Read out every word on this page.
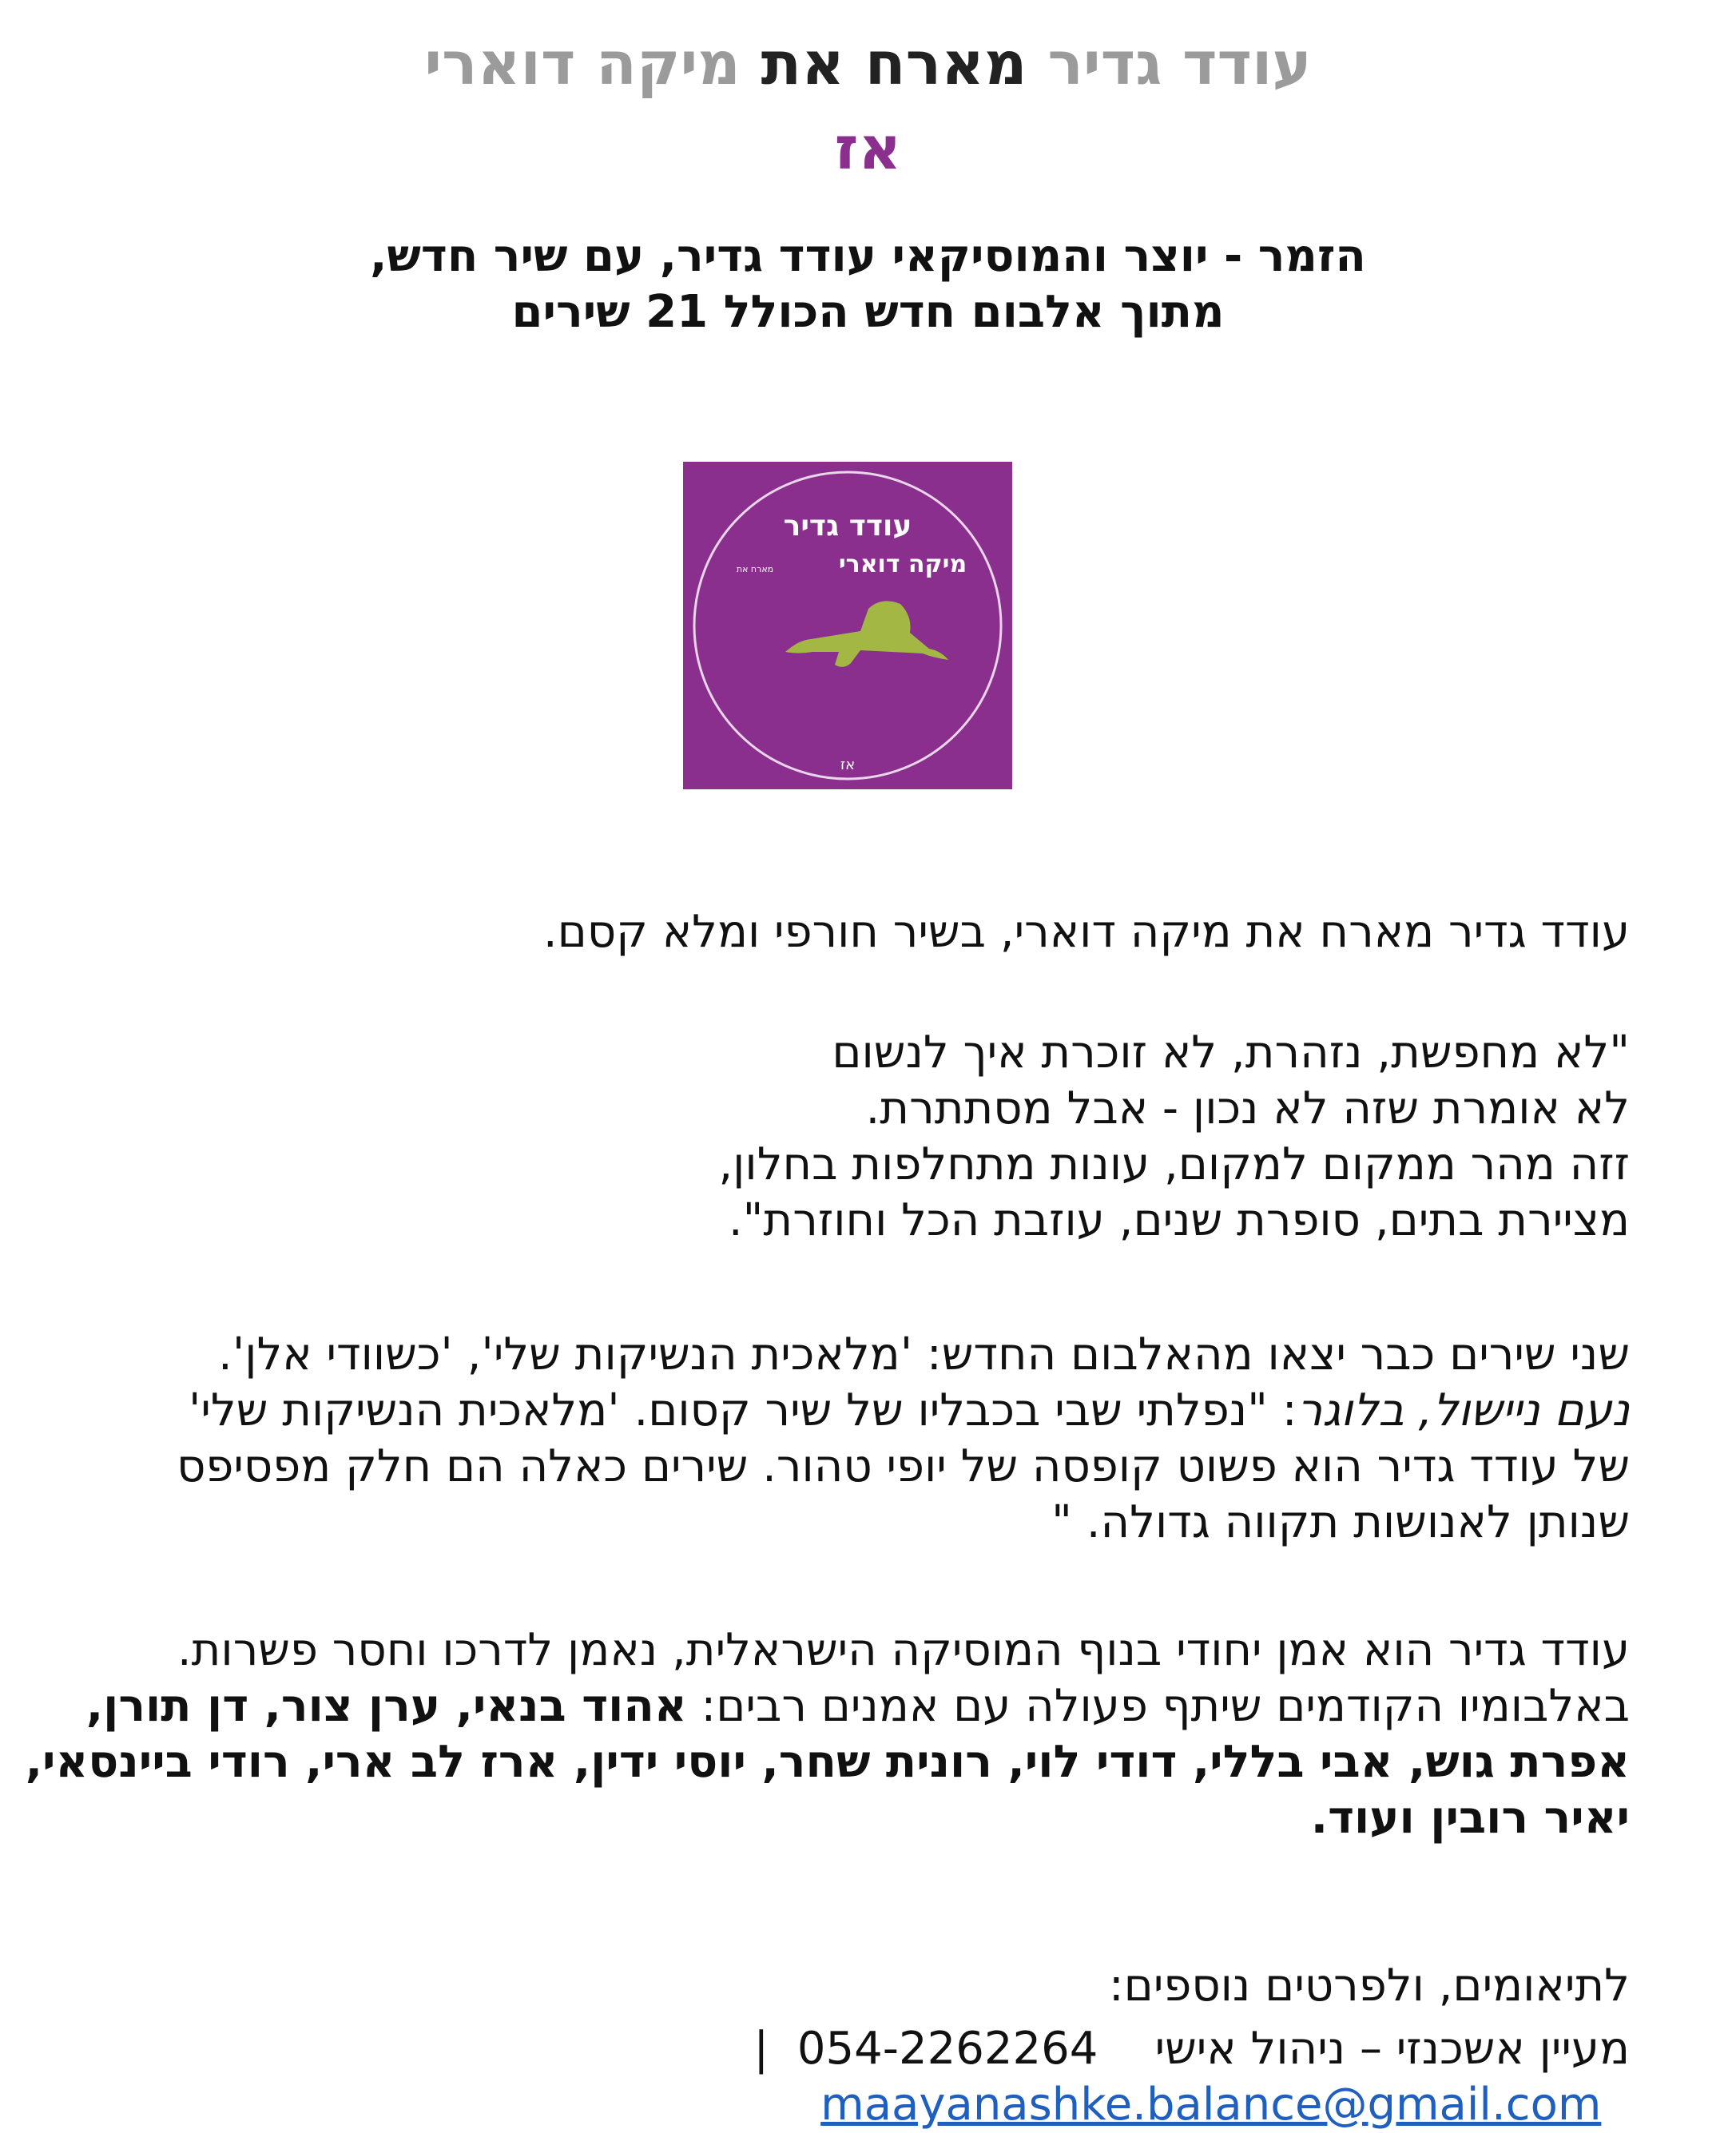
עודד גדיר מארח את מיקה דוארי
אז
הזמר - יוצר והמוסיקאי עודד גדיר, עם שיר חדש,
מתוך אלבום חדש הכולל 21 שירים
עודד גדיר
מיקה דוארי
מארח את
אז
עודד גדיר מארח את מיקה דוארי, בשיר חורפי ומלא קסם.
"לא מחפשת, נזהרת, לא זוכרת איך לנשום
לא אומרת שזה לא נכון - אבל מסתתרת.
זזה מהר ממקום למקום, עונות מתחלפות בחלון,
מציירת בתים, סופרת שנים, עוזבת הכל וחוזרת".
שני שירים כבר יצאו מהאלבום החדש: 'מלאכית הנשיקות שלי', 'כשוודי אלן'.
נעם ניישול, בלוגר: "נפלתי שבי בכבליו של שיר קסום. 'מלאכית הנשיקות שלי'
של עודד גדיר הוא פשוט קופסה של יופי טהור. שירים כאלה הם חלק מפסיפס
שנותן לאנושות תקווה גדולה. "
עודד גדיר הוא אמן יחודי בנוף המוסיקה הישראלית, נאמן לדרכו וחסר פשרות. באלבומיו הקודמים שיתף פעולה עם אמנים רבים: אהוד בנאי, ערן צור, דן תורן, אפרת גוש, אבי בללי, דודי לוי, רונית שחר, יוסי ידין, ארז לב ארי, רודי ביינסאי, יאיר רובין ועוד.
לתיאומים, ולפרטים נוספים:
מעיין אשכנזי – ניהול אישי    054-2262264  |  maayanashke.balance@gmail.com
